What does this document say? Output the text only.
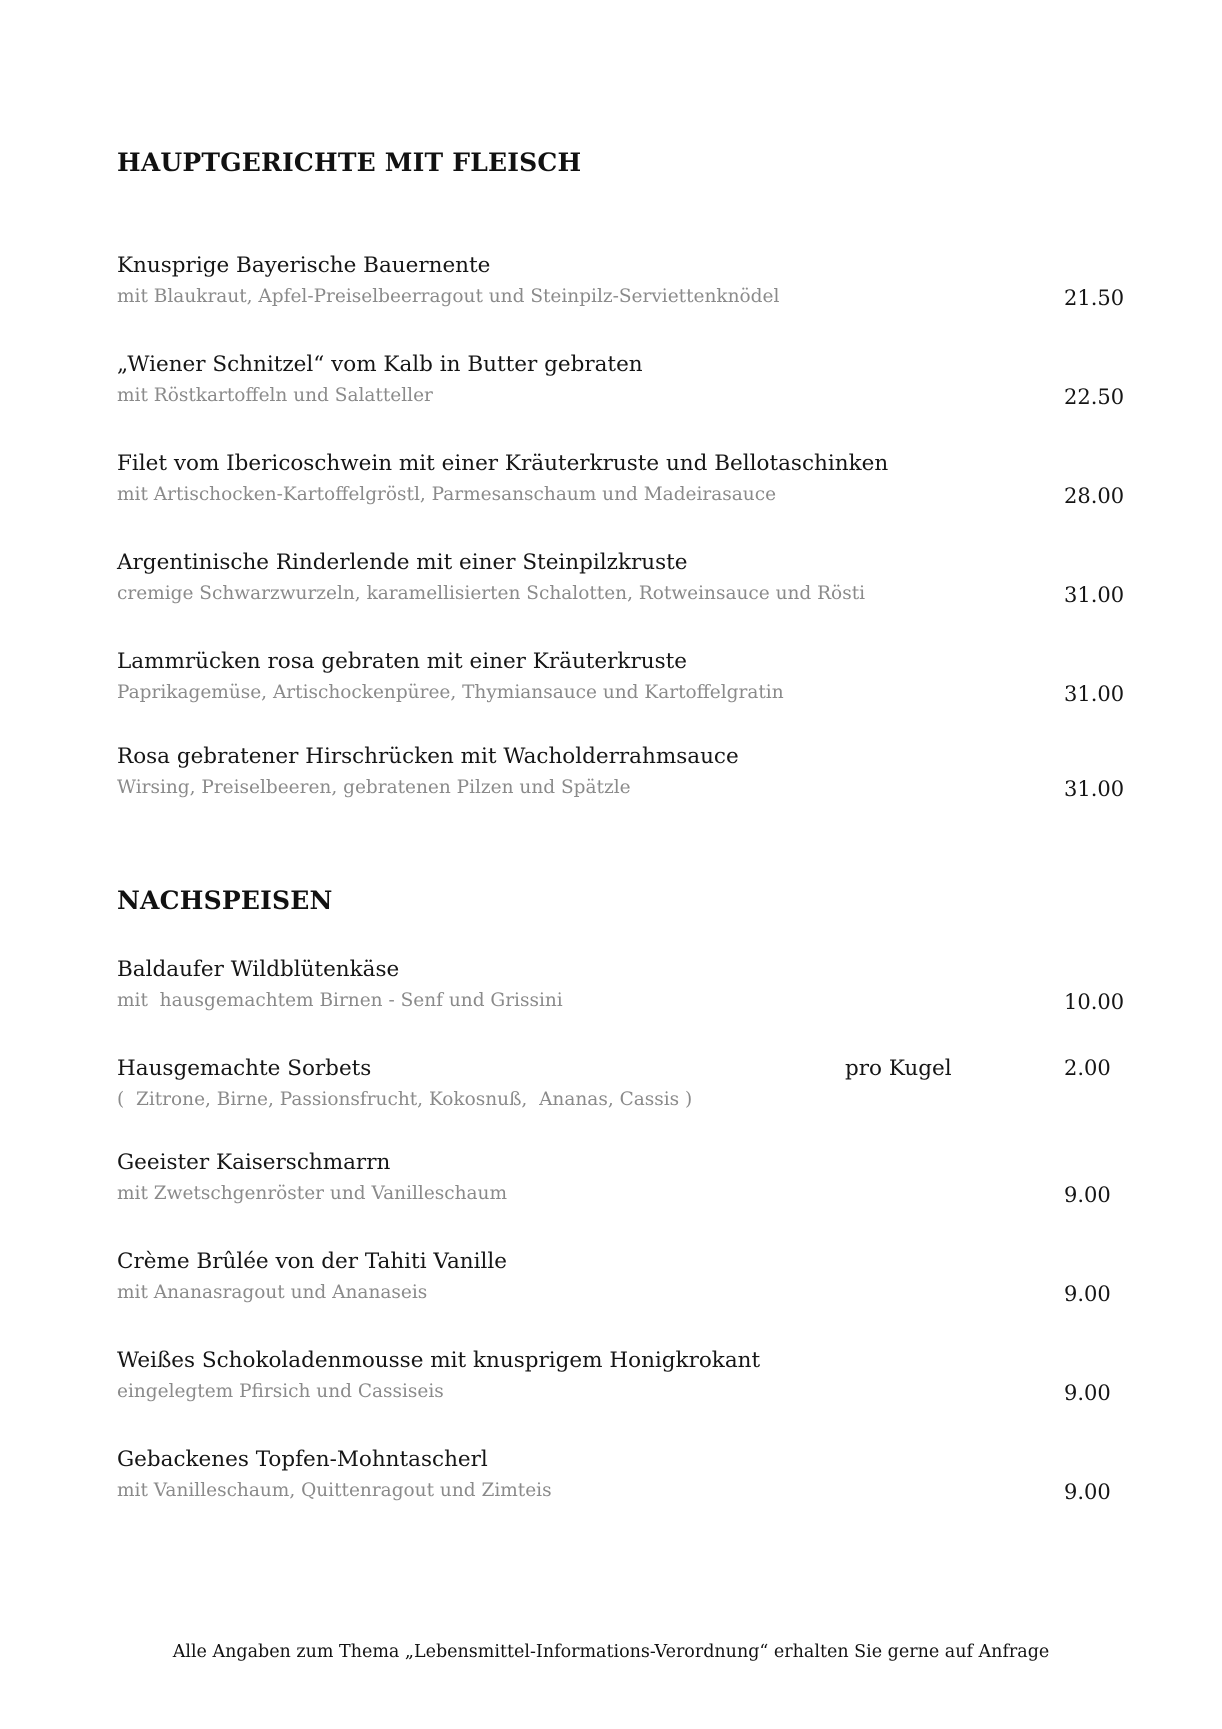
HAUPTGERICHTE MIT FLEISCH
Knusprige Bayerische Bauernente
mit Blaukraut, Apfel-Preiselbeerragout und Steinpilz-Serviettenknödel	21.50
„Wiener Schnitzel“ vom Kalb in Butter gebraten
mit Röstkartoffeln und Salatteller	22.50
Filet vom Ibericoschwein mit einer Kräuterkruste und Bellotaschinken
mit Artischocken-Kartoffelgröstl, Parmesanschaum und Madeirasauce	28.00
Argentinische Rinderlende mit einer Steinpilzkruste
cremige Schwarzwurzeln, karamellisierten Schalotten, Rotweinsauce und Rösti	31.00
Lammrücken rosa gebraten mit einer Kräuterkruste
Paprikagemüse, Artischockenpüree, Thymiansauce und Kartoffelgratin	31.00
Rosa gebratener Hirschrücken mit Wacholderrahmsauce
Wirsing, Preiselbeeren, gebratenen Pilzen und Spätzle	31.00
NACHSPEISEN
Baldaufer Wildblütenkäse
mit  hausgemachtem Birnen - Senf und Grissini	10.00
Hausgemachte Sorbets	pro Kugel	2.00
(  Zitrone, Birne, Passionsfrucht, Kokosnuß,  Ananas, Cassis )
Geeister Kaiserschmarrn
mit Zwetschgenröster und Vanilleschaum	9.00
Crème Brûlée von der Tahiti Vanille
mit Ananasragout und Ananaseis	9.00
Weißes Schokoladenmousse mit knusprigem Honigkrokant
eingelegtem Pfirsich und Cassiseis	9.00
Gebackenes Topfen-Mohntascherl
mit Vanilleschaum, Quittenragout und Zimteis	9.00
Alle Angaben zum Thema „Lebensmittel-Informations-Verordnung“ erhalten Sie gerne auf Anfrage
